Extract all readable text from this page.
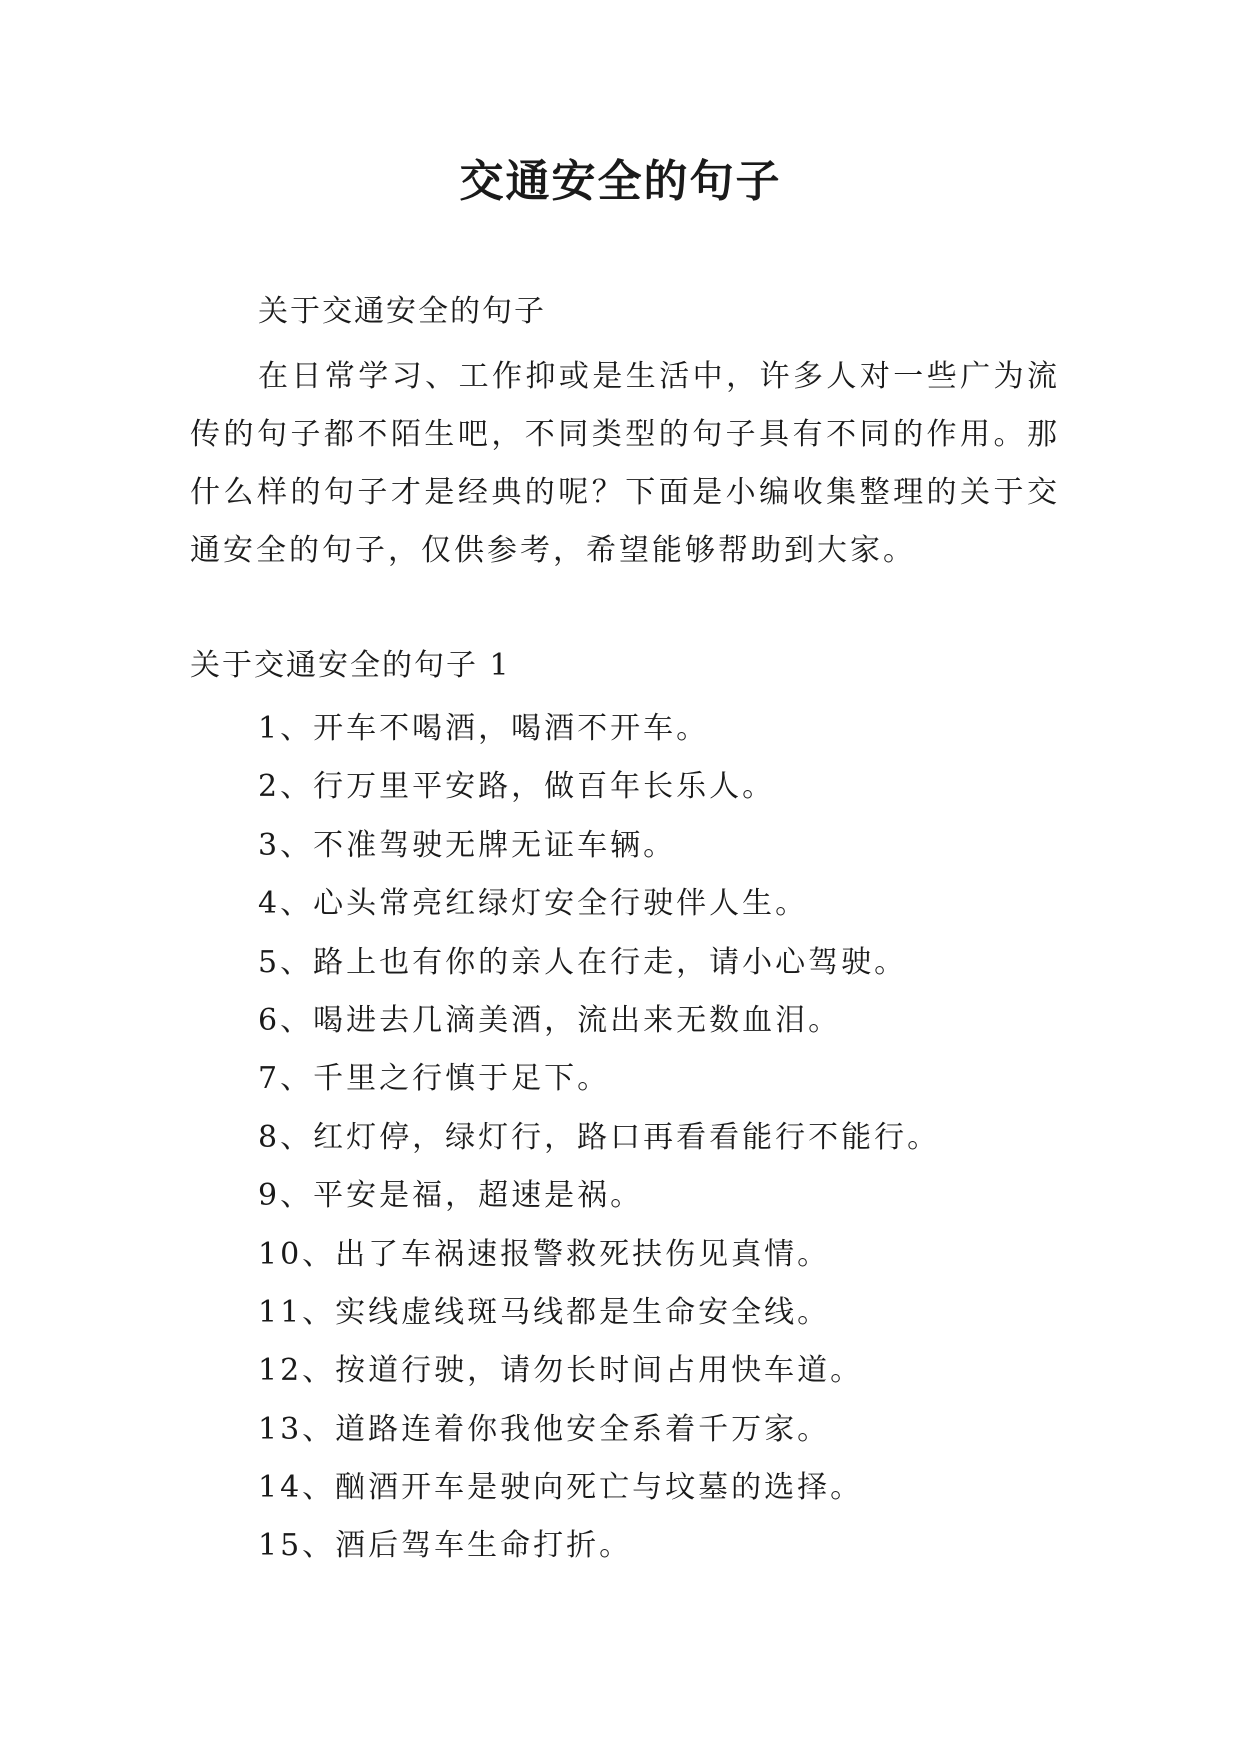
交通安全的句子
关于交通安全的句子

在日常学习、工作抑或是生活中，许多人对一些广为流传的句子都不陌生吧，不同类型的句子具有不同的作用。那什么样的句子才是经典的呢？下面是小编收集整理的关于交通安全的句子，仅供参考，希望能够帮助到大家。

关于交通安全的句子 1
1、开车不喝酒，喝酒不开车。
2、行万里平安路，做百年长乐人。
3、不准驾驶无牌无证车辆。
4、心头常亮红绿灯安全行驶伴人生。
5、路上也有你的亲人在行走，请小心驾驶。
6、喝进去几滴美酒，流出来无数血泪。
7、千里之行慎于足下。
8、红灯停，绿灯行，路口再看看能行不能行。
9、平安是福，超速是祸。
10、出了车祸速报警救死扶伤见真情。
11、实线虚线斑马线都是生命安全线。
12、按道行驶，请勿长时间占用快车道。
13、道路连着你我他安全系着千万家。
14、酗酒开车是驶向死亡与坟墓的选择。
15、酒后驾车生命打折。
